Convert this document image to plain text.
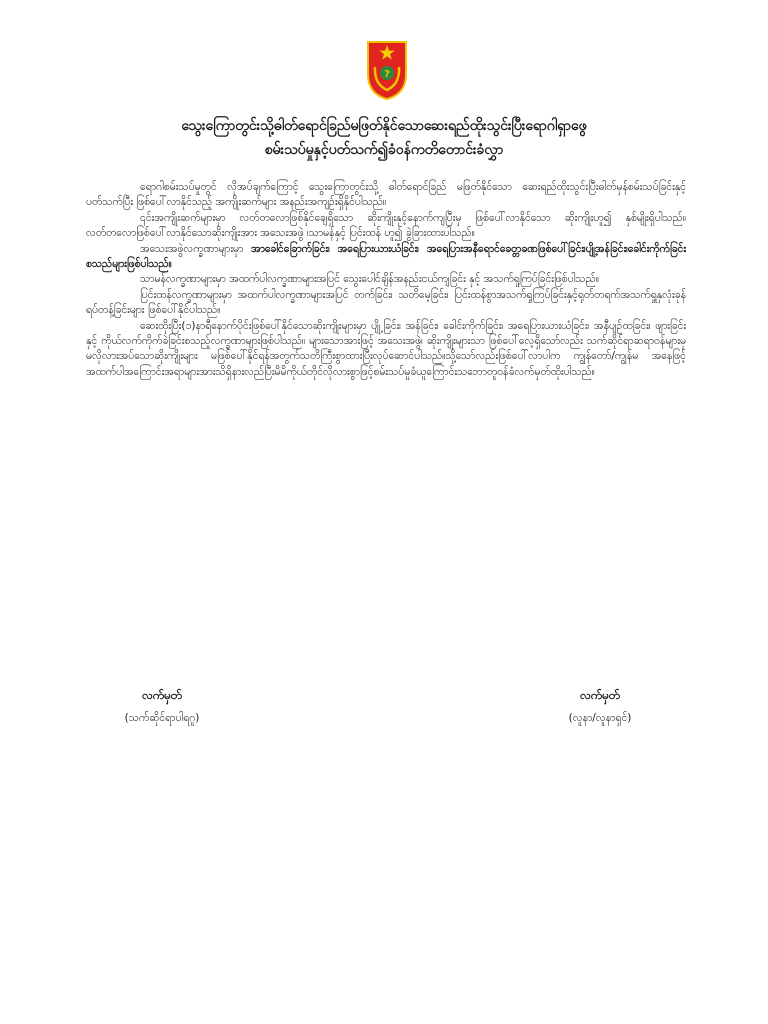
?

သွေးကြောတွင်းသို့ဓါတ်ရောင်ခြည်မဖြတ်နိုင်သောဆေးရည်ထိုးသွင်းပြီးရောဂါရှာဖွေ

စမ်းသပ်မှုနှင့်ပတ်သက်၍ခံဝန်ကတိတောင်းခံလွှာ

ရောဂါစမ်းသပ်မှုတွင် လိုအပ်ချက်ကြောင့် သွေးကြောတွင်းသို့ ဓါတ်ရောင်ခြည် မဖြတ်နိုင်သော ဆေးရည်ထိုးသွင်းပြီးဓါတ်မှန်စမ်းသပ်ခြင်းနှင့်ပတ်သက်ပြီး ဖြစ်ပေါ်လာနိုင်သည့် အကျိုးဆက်များ အနည်းအကျဉ်းရှိနိုင်ပါသည်။

၎င်းအကျိုးဆက်များမှာ လတ်တလောဖြစ်နိုင်ချေရှိသော ဆိုးကျိုးနှင့်နောက်ကျပြီးမှ ဖြစ်ပေါ်လာနိုင်သော ဆိုးကျိုးဟူ၍ နှစ်မျိုးရှိပါသည်။ လတ်တလောဖြစ်ပေါ်လာနိုင်သောဆိုးကျိုးအား အသေးအဖွဲ ၊သာမန်နှင့် ပြင်းထန် ဟူ၍ ခွဲခြားထားပါသည်။

အသေးအဖွဲလက္ခဏာများမှာ အာခေါင်ခြောက်ခြင်း၊ အရေပြားယားယံခြင်း၊ အရေပြားအနီရောင်ခေတ္တခဏဖြစ်ပေါ်ခြင်း၊ပျို့အန်ခြင်း၊ခေါင်းကိုက်ခြင်း စသည်များဖြစ်ပါသည်။

သာမန်လက္ခဏာများမှာ အထက်ပါလက္ခဏာများအပြင် သွေးပေါင်ချိန်အနည်းငယ်ကျခြင်း နှင့် အသက်ရှုကြပ်ခြင်းဖြစ်ပါသည်။

ပြင်းထန်လက္ခဏာများမှာ အထက်ပါလက္ခဏာများအပြင် တက်ခြင်း၊ သတိမေ့ခြင်း၊ ပြင်းထန်စွာအသက်ရှုကြပ်ခြင်းနှင့်ရုတ်တရက်အသက်ရှူနှလုံးခုန်ရပ်တန့်ခြင်းများ ဖြစ်ပေါ်နိုင်ပါသည်။

ဆေးထိုးပြီး(၁)နာရီနောက်ပိုင်းဖြစ်ပေါ်နိုင်သောဆိုးကျိုးများမှာ ပျို့ခြင်း၊ အန်ခြင်း၊ ခေါင်းကိုက်ခြင်း၊ အရေပြားယားယံခြင်း၊ အနီပျဉ်ထခြင်း၊ ဖျားခြင်းနှင့် ကိုယ်လက်ကိုက်ခဲခြင်းစသည့်လက္ခဏာများဖြစ်ပါသည်။ များသောအားဖြင့် အသေးအဖွဲ၊ ဆိုးကျိုးများသာ ဖြစ်ပေါ်လေ့ရှိသော်လည်း သက်ဆိုင်ရာဆရာဝန်များမှ မလိုလားအပ်သောဆိုးကျိုးများ မဖြစ်ပေါ်နိုင်ရန်အတွက်သတိကြီးစွာထားပြီးလုပ်ဆောင်ပါသည်။သို့သော်လည်းဖြစ်ပေါ်လာပါက ကျွန်တော်/ကျွန်မ အနေဖြင့်အထက်ပါအကြောင်းအရာများအားသိရှိနားလည်ပြီးမိမိကိုယ်တိုင်လိုလားစွာဖြင့်စမ်းသပ်မှုခံယူကြောင်းသဘောတူဝန်ခံလက်မှတ်ထိုးပါသည်။

လက်မှတ်
(သက်ဆိုင်ရာပါရဂူ)
လက်မှတ်
(လူနာ/လူနာရှင်)
